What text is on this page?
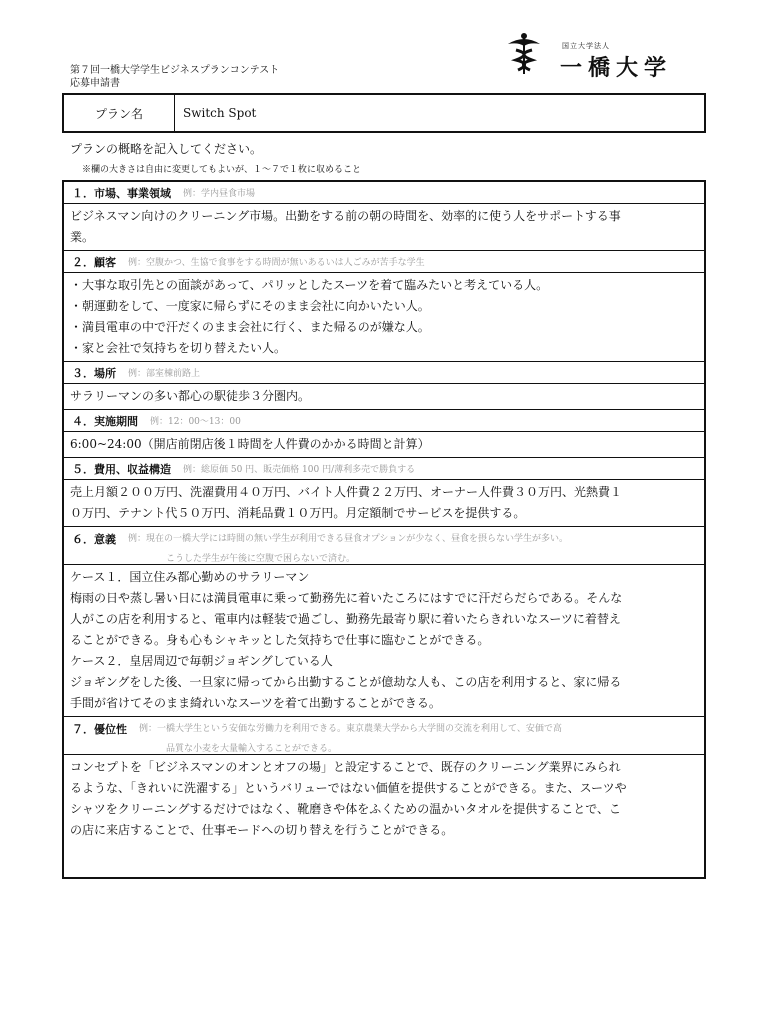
第７回一橋大学学生ビジネスプランコンテスト
応募申請書
国立大学法人
一橋大学
プラン名	Switch Spot
プランの概略を記入してください。
※欄の大きさは自由に変更してもよいが、１～７で１枚に収めること
１．市場、事業領域 例：学内昼食市場

ビジネスマン向けのクリーニング市場。出勤をする前の朝の時間を、効率的に使う人をサポートする事

業。

２．顧客 例：空腹かつ、生協で食事をする時間が無いあるいは人ごみが苦手な学生

・大事な取引先との面談があって、パリッとしたスーツを着て臨みたいと考えている人。

・朝運動をして、一度家に帰らずにそのまま会社に向かいたい人。

・満員電車の中で汗だくのまま会社に行く、また帰るのが嫌な人。

・家と会社で気持ちを切り替えたい人。

３．場所 例：部室棟前路上

サラリーマンの多い都心の駅徒歩３分圏内。

４．実施期間 例：12：00～13：00

6:00~24:00（開店前閉店後１時間を人件費のかかる時間と計算）

５．費用、収益構造 例：総原価 50 円、販売価格 100 円/薄利多売で勝負する

売上月額２００万円、洗濯費用４０万円、バイト人件費２２万円、オーナー人件費３０万円、光熱費１

０万円、テナント代５０万円、消耗品費１０万円。月定額制でサービスを提供する。

６．意義 例：現在の一橋大学には時間の無い学生が利用できる昼食オプションが少なく、昼食を摂らない学生が多い。
こうした学生が午後に空腹で困らないで済む。

ケース１．国立住み都心勤めのサラリーマン

梅雨の日や蒸し暑い日には満員電車に乗って勤務先に着いたころにはすでに汗だらだらである。そんな

人がこの店を利用すると、電車内は軽装で過ごし、勤務先最寄り駅に着いたらきれいなスーツに着替え

ることができる。身も心もシャキッとした気持ちで仕事に臨むことができる。

ケース２．皇居周辺で毎朝ジョギングしている人

ジョギングをした後、一旦家に帰ってから出勤することが億劫な人も、この店を利用すると、家に帰る

手間が省けてそのまま綺れいなスーツを着て出勤することができる。

７．優位性 例：一橋大学生という安価な労働力を利用できる。東京農業大学から大学間の交流を利用して、安価で高
品質な小麦を大量輸入することができる。

コンセプトを「ビジネスマンのオンとオフの場」と設定することで、既存のクリーニング業界にみられ

るような、「きれいに洗濯する」というバリューではない価値を提供することができる。また、スーツや

シャツをクリーニングするだけではなく、靴磨きや体をふくための温かいタオルを提供することで、こ

の店に来店することで、仕事モードへの切り替えを行うことができる。
